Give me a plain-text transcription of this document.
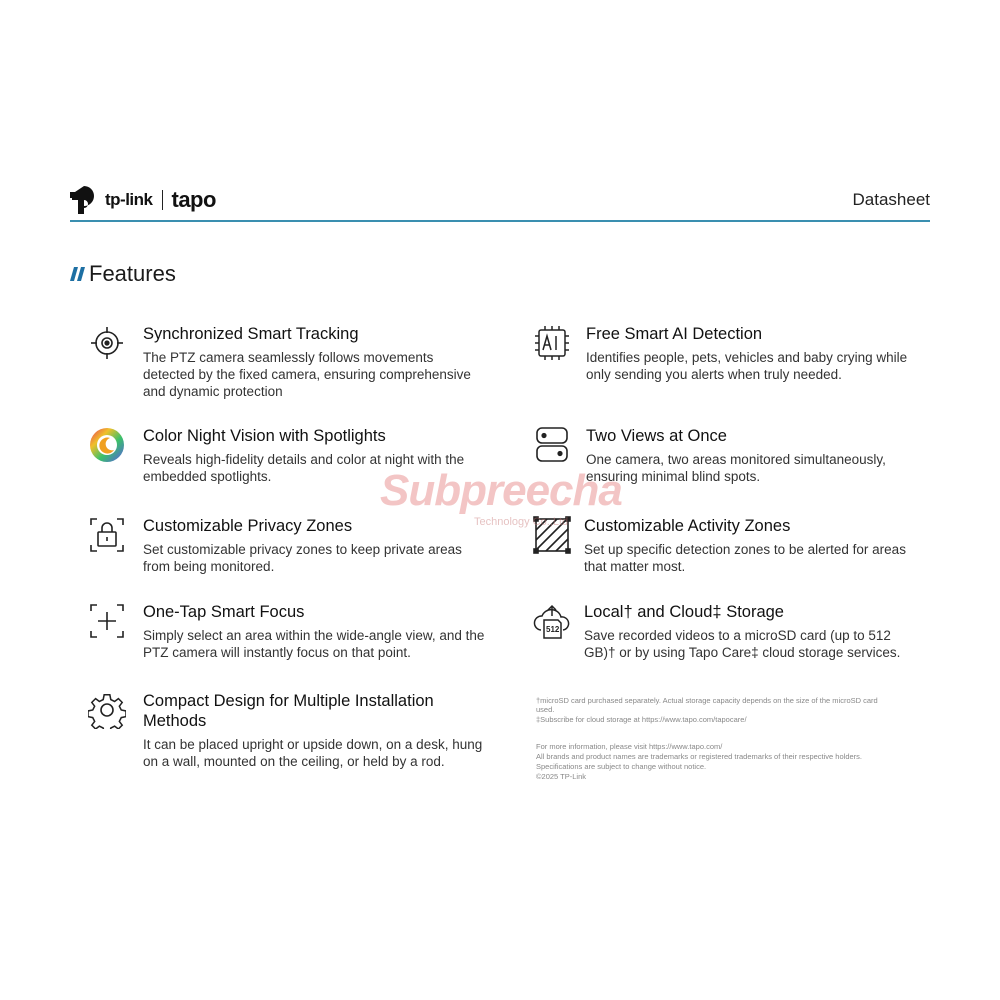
tp-link tapo	Datasheet
Features
Synchronized Smart Tracking
The PTZ camera seamlessly follows movements
detected by the fixed camera, ensuring comprehensive
and dynamic protection
Color Night Vision with Spotlights
Reveals high-fidelity details and color at night with the
embedded spotlights.
Customizable Privacy Zones
Set customizable privacy zones to keep private areas
from being monitored.
One-Tap Smart Focus
Simply select an area within the wide-angle view, and the
PTZ camera will instantly focus on that point.
Compact Design for Multiple Installation
Methods
It can be placed upright or upside down, on a desk, hung
on a wall, mounted on the ceiling, or held by a rod.
Free Smart AI Detection
Identifies people, pets, vehicles and baby crying while
only sending you alerts when truly needed.
Two Views at Once
One camera, two areas monitored simultaneously,
ensuring minimal blind spots.
Customizable Activity Zones
Set up specific detection zones to be alerted for areas
that matter most.
512
Local† and Cloud‡ Storage
Save recorded videos to a microSD card (up to 512
GB)† or by using Tapo Care‡ cloud storage services.
†microSD card purchased separately. Actual storage capacity depends on the size of the microSD card
used.
‡Subscribe for cloud storage at https://www.tapo.com/tapocare/
For more information, please visit https://www.tapo.com/
All brands and product names are trademarks or registered trademarks of their respective holders.
Specifications are subject to change without notice.
©2025 TP-Link
Subpreecha
Technology Co.,Ltd
